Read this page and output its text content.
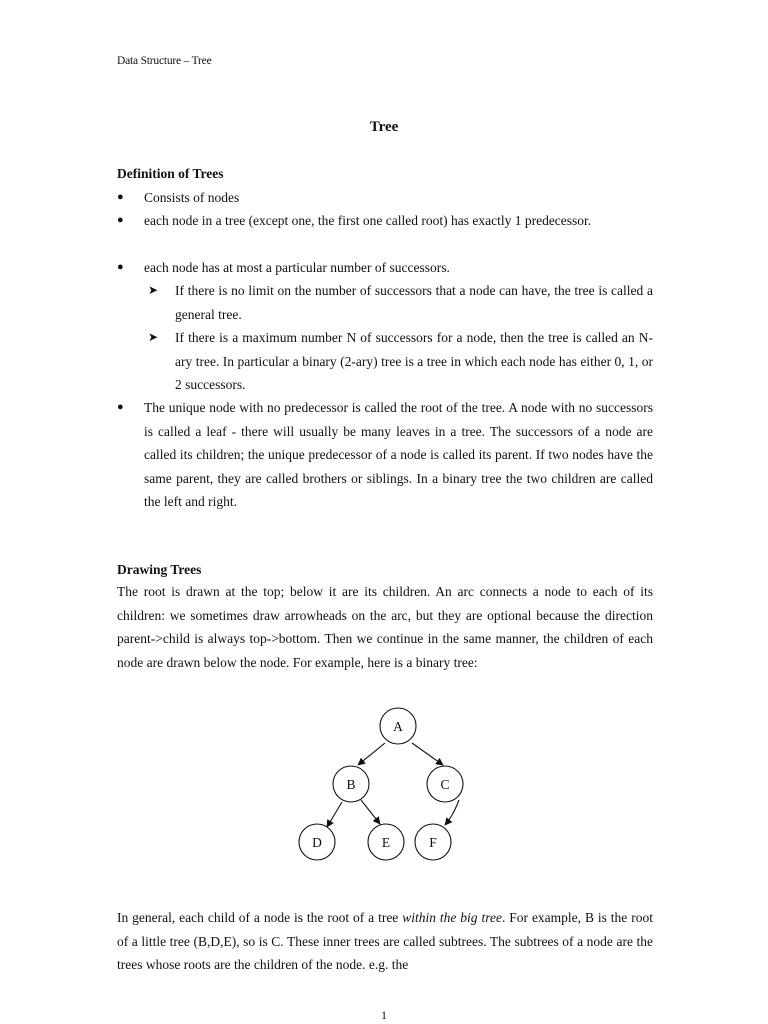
Data Structure – Tree
Tree
Definition of Trees
●	Consists of nodes
●	each node in a tree (except one, the first one called root) has exactly 1 predecessor.
●	each node has at most a particular number of successors.
➤ If there is no limit on the number of successors that a node can have, the tree is called a general tree.
➤ If there is a maximum number N of successors for a node, then the tree is called an N-ary tree. In particular a binary (2-ary) tree is a tree in which each node has either 0, 1, or 2 successors.
●	The unique node with no predecessor is called the root of the tree. A node with no successors is called a leaf - there will usually be many leaves in a tree. The successors of a node are called its children; the unique predecessor of a node is called its parent. If two nodes have the same parent, they are called brothers or siblings. In a binary tree the two children are called the left and right.
Drawing Trees

The root is drawn at the top; below it are its children. An arc connects a node to each of its children: we sometimes draw arrowheads on the arc, but they are optional because the direction parent->child is always top->bottom. Then we continue in the same manner, the children of each node are drawn below the node. For example, here is a binary tree:

A
B	C
D	E	F

In general, each child of a node is the root of a tree within the big tree. For example, B is the root of a little tree (B,D,E), so is C. These inner trees are called subtrees. The subtrees of a node are the trees whose roots are the children of the node. e.g. the

1
